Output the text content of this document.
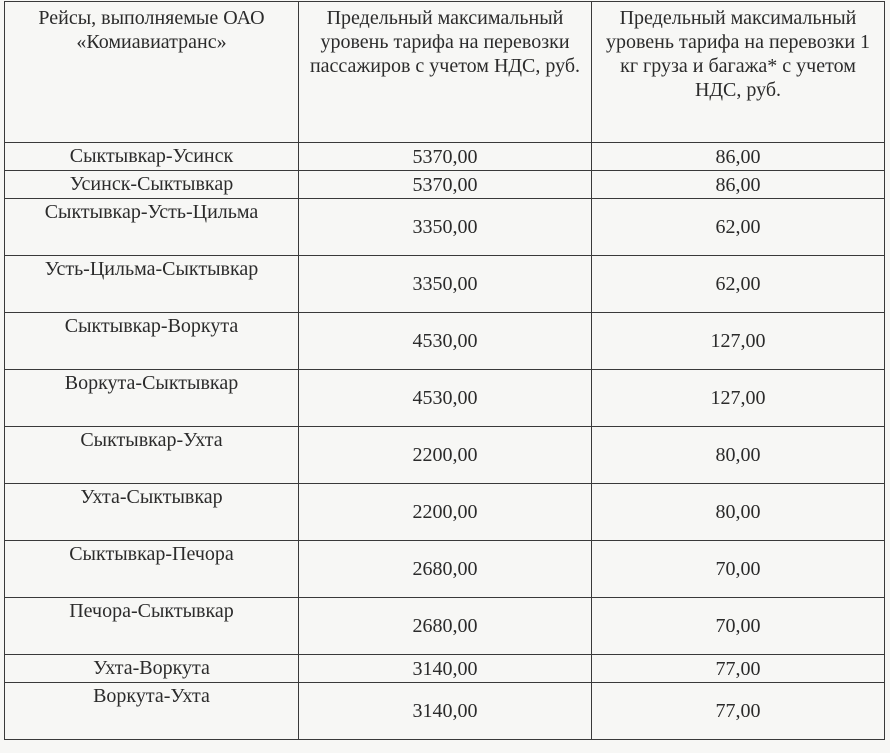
Рейсы, выполняемые ОАО «Комиавиатранс»	Предельный максимальный уровень тарифа на перевозки пассажиров с учетом НДС, руб.	Предельный максимальный уровень тарифа на перевозки 1 кг груза и багажа* с учетом НДС, руб.
Сыктывкар-Усинск	5370,00	86,00
Усинск-Сыктывкар	5370,00	86,00
Сыктывкар-Усть-Цильма	3350,00	62,00
Усть-Цильма-Сыктывкар	3350,00	62,00
Сыктывкар-Воркута	4530,00	127,00
Воркута-Сыктывкар	4530,00	127,00
Сыктывкар-Ухта	2200,00	80,00
Ухта-Сыктывкар	2200,00	80,00
Сыктывкар-Печора	2680,00	70,00
Печора-Сыктывкар	2680,00	70,00
Ухта-Воркута	3140,00	77,00
Воркута-Ухта	3140,00	77,00
